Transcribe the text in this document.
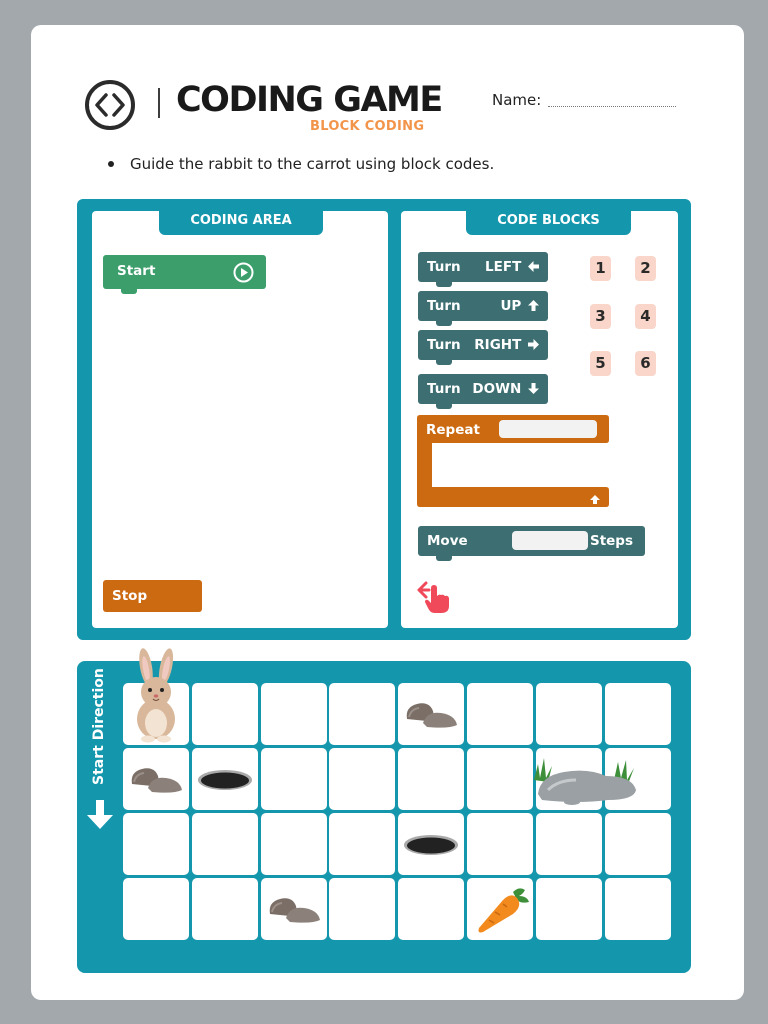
CODING GAME
BLOCK CODING
Name:
Guide the rabbit to the carrot using block codes.
CODING AREA
Start
Stop
CODE BLOCKS
Turn LEFT
Turn	UP
Turn RIGHT
Turn DOWN
Repeat
Move	Steps
1	2
3	4
5	6
Start Direction
